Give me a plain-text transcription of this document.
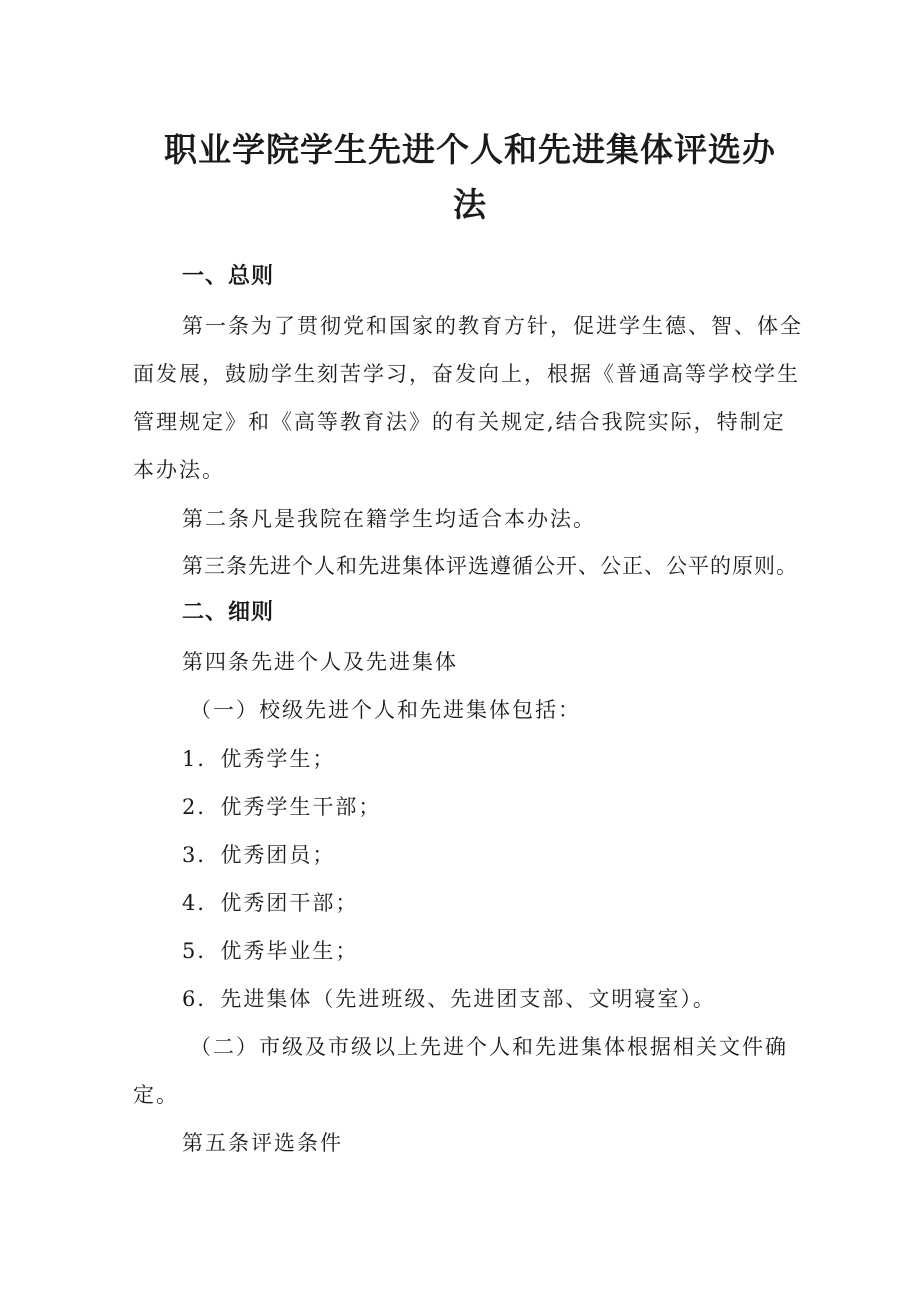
职业学院学生先进个人和先进集体评选办
法

一、总则

第一条为了贯彻党和国家的教育方针，促进学生德、智、体全

面发展，鼓励学生刻苦学习，奋发向上，根据《普通高等学校学生

管理规定》和《高等教育法》的有关规定,结合我院实际，特制定

本办法。

第二条凡是我院在籍学生均适合本办法。

第三条先进个人和先进集体评选遵循公开、公正、公平的原则。

二、细则

第四条先进个人及先进集体

（一）校级先进个人和先进集体包括：

1．优秀学生；

2．优秀学生干部；

3．优秀团员；

4．优秀团干部；

5．优秀毕业生；

6．先进集体（先进班级、先进团支部、文明寝室）。

（二）市级及市级以上先进个人和先进集体根据相关文件确

定。

第五条评选条件
